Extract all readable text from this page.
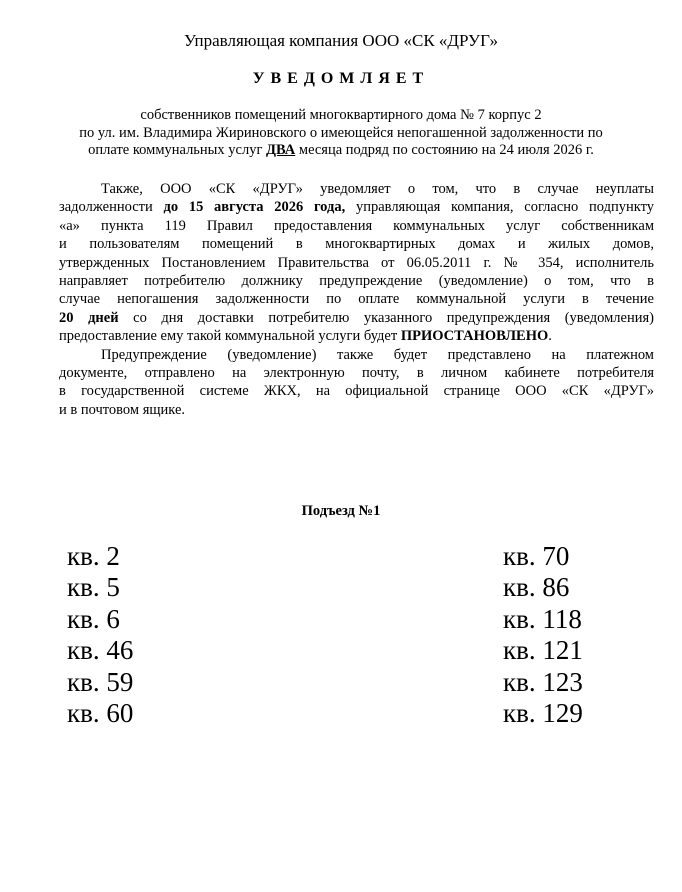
Управляющая компания ООО «СК «ДРУГ»
УВЕДОМЛЯЕТ
собственников помещений многоквартирного дома № 7 корпус 2
по ул. им. Владимира Жириновского о имеющейся непогашенной задолженности по
оплате коммунальных услуг ДВА месяца подряд по состоянию на 24 июля 2026 г.
Также, ООО «СК «ДРУГ» уведомляет о том, что в случае неуплаты
задолженности до 15 августа 2026 года, управляющая компания, согласно подпункту
«а» пункта 119 Правил предоставления коммунальных услуг собственникам
и пользователям помещений в многоквартирных домах и жилых домов,
утвержденных Постановлением Правительства от 06.05.2011 г. № 354, исполнитель
направляет потребителю должнику предупреждение (уведомление) о том, что в
случае непогашения задолженности по оплате коммунальной услуги в течение
20 дней со дня доставки потребителю указанного предупреждения (уведомления)
предоставление ему такой коммунальной услуги будет ПРИОСТАНОВЛЕНО.
Предупреждение (уведомление) также будет представлено на платежном
документе, отправлено на электронную почту, в личном кабинете потребителя
в государственной системе ЖКХ, на официальной странице ООО «СК «ДРУГ»
и в почтовом ящике.
Подъезд №1
кв. 2
кв. 5
кв. 6
кв. 46
кв. 59
кв. 60
кв. 70
кв. 86
кв. 118
кв. 121
кв. 123
кв. 129
